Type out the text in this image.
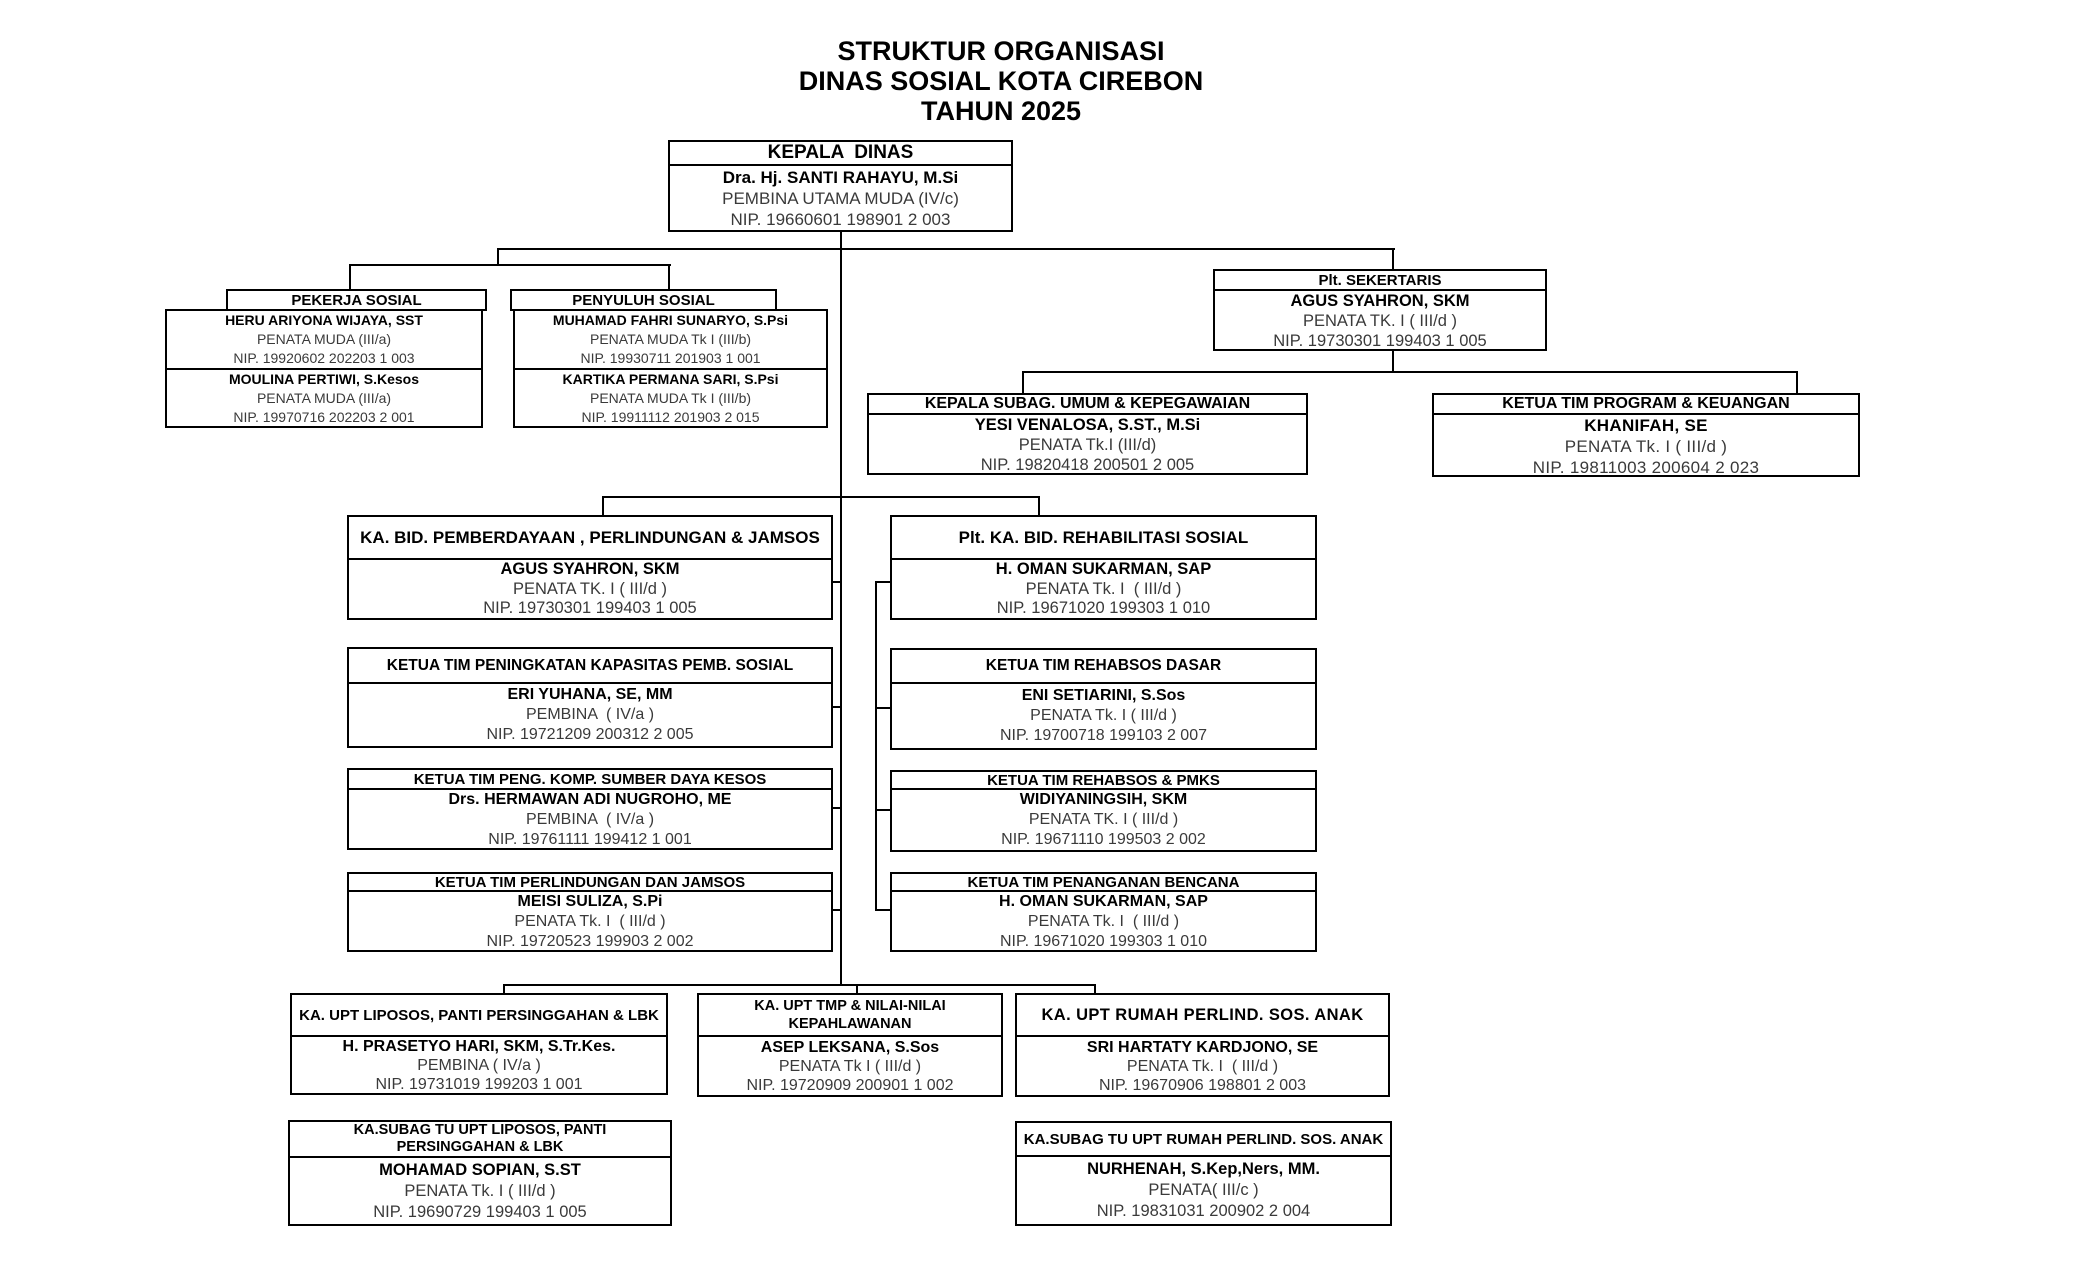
STRUKTUR ORGANISASI
DINAS SOSIAL KOTA CIREBON
TAHUN 2025
KEPALA  DINAS
Dra. Hj. SANTI RAHAYU, M.Si
PEMBINA UTAMA MUDA (IV/c)
NIP. 19660601 198901 2 003
PEKERJA SOSIAL
HERU ARIYONA WIJAYA, SST
PENATA MUDA (III/a)
NIP. 19920602 202203 1 003
MOULINA PERTIWI, S.Kesos
PENATA MUDA (III/a)
NIP. 19970716 202203 2 001
PENYULUH SOSIAL
MUHAMAD FAHRI SUNARYO, S.Psi
PENATA MUDA Tk I (III/b)
NIP. 19930711 201903 1 001
KARTIKA PERMANA SARI, S.Psi
PENATA MUDA Tk I (III/b)
NIP. 19911112 201903 2 015
Plt. SEKERTARIS
AGUS SYAHRON, SKM
PENATA TK. I ( III/d )
NIP. 19730301 199403 1 005
KEPALA SUBAG. UMUM & KEPEGAWAIAN
YESI VENALOSA, S.ST., M.Si
PENATA Tk.I (III/d)
NIP. 19820418 200501 2 005
KETUA TIM PROGRAM & KEUANGAN
KHANIFAH, SE
PENATA Tk. I ( III/d )
NIP. 19811003 200604 2 023
KA. BID. PEMBERDAYAAN , PERLINDUNGAN & JAMSOS
AGUS SYAHRON, SKM
PENATA TK. I ( III/d )
NIP. 19730301 199403 1 005
Plt. KA. BID. REHABILITASI SOSIAL
H. OMAN SUKARMAN, SAP
PENATA Tk. I  ( III/d )
NIP. 19671020 199303 1 010
KETUA TIM PENINGKATAN KAPASITAS PEMB. SOSIAL
ERI YUHANA, SE, MM
PEMBINA  ( IV/a )
NIP. 19721209 200312 2 005
KETUA TIM REHABSOS DASAR
ENI SETIARINI, S.Sos
PENATA Tk. I ( III/d )
NIP. 19700718 199103 2 007
KETUA TIM PENG. KOMP. SUMBER DAYA KESOS
Drs. HERMAWAN ADI NUGROHO, ME
PEMBINA  ( IV/a )
NIP. 19761111 199412 1 001
KETUA TIM REHABSOS & PMKS
WIDIYANINGSIH, SKM
PENATA TK. I ( III/d )
NIP. 19671110 199503 2 002
KETUA TIM PERLINDUNGAN DAN JAMSOS
MEISI SULIZA, S.Pi
PENATA Tk. I  ( III/d )
NIP. 19720523 199903 2 002
KETUA TIM PENANGANAN BENCANA
H. OMAN SUKARMAN, SAP
PENATA Tk. I  ( III/d )
NIP. 19671020 199303 1 010
KA. UPT LIPOSOS, PANTI PERSINGGAHAN & LBK
H. PRASETYO HARI, SKM, S.Tr.Kes.
PEMBINA ( IV/a )
NIP. 19731019 199203 1 001
KA. UPT TMP & NILAI-NILAI KEPAHLAWANAN
ASEP LEKSANA, S.Sos
PENATA Tk I ( III/d )
NIP. 19720909 200901 1 002
KA. UPT RUMAH PERLIND. SOS. ANAK
SRI HARTATY KARDJONO, SE
PENATA Tk. I  ( III/d )
NIP. 19670906 198801 2 003
KA.SUBAG TU UPT LIPOSOS, PANTI PERSINGGAHAN & LBK
MOHAMAD SOPIAN, S.ST
PENATA Tk. I ( III/d )
NIP. 19690729 199403 1 005
KA.SUBAG TU UPT RUMAH PERLIND. SOS. ANAK
NURHENAH, S.Kep,Ners, MM.
PENATA( III/c )
NIP. 19831031 200902 2 004
